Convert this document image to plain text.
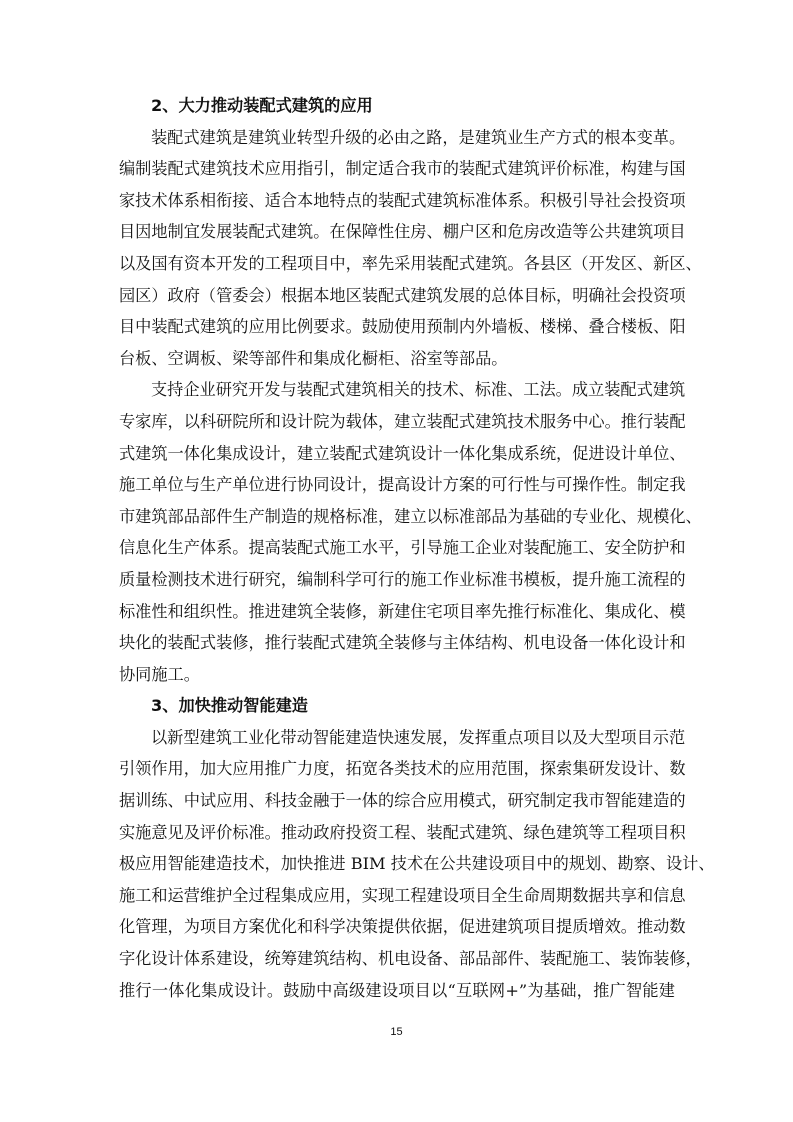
2、大力推动装配式建筑的应用
装配式建筑是建筑业转型升级的必由之路，是建筑业生产方式的根本变革。
编制装配式建筑技术应用指引，制定适合我市的装配式建筑评价标准，构建与国
家技术体系相衔接、适合本地特点的装配式建筑标准体系。积极引导社会投资项
目因地制宜发展装配式建筑。在保障性住房、棚户区和危房改造等公共建筑项目
以及国有资本开发的工程项目中，率先采用装配式建筑。各县区（开发区、新区、
园区）政府（管委会）根据本地区装配式建筑发展的总体目标，明确社会投资项
目中装配式建筑的应用比例要求。鼓励使用预制内外墙板、楼梯、叠合楼板、阳
台板、空调板、梁等部件和集成化橱柜、浴室等部品。
支持企业研究开发与装配式建筑相关的技术、标准、工法。成立装配式建筑
专家库，以科研院所和设计院为载体，建立装配式建筑技术服务中心。推行装配
式建筑一体化集成设计，建立装配式建筑设计一体化集成系统，促进设计单位、
施工单位与生产单位进行协同设计，提高设计方案的可行性与可操作性。制定我
市建筑部品部件生产制造的规格标准，建立以标准部品为基础的专业化、规模化、
信息化生产体系。提高装配式施工水平，引导施工企业对装配施工、安全防护和
质量检测技术进行研究，编制科学可行的施工作业标准书模板，提升施工流程的
标准性和组织性。推进建筑全装修，新建住宅项目率先推行标准化、集成化、模
块化的装配式装修，推行装配式建筑全装修与主体结构、机电设备一体化设计和
协同施工。
3、加快推动智能建造
以新型建筑工业化带动智能建造快速发展，发挥重点项目以及大型项目示范
引领作用，加大应用推广力度，拓宽各类技术的应用范围，探索集研发设计、数
据训练、中试应用、科技金融于一体的综合应用模式，研究制定我市智能建造的
实施意见及评价标准。推动政府投资工程、装配式建筑、绿色建筑等工程项目积
极应用智能建造技术，加快推进 BIM 技术在公共建设项目中的规划、勘察、设计、
施工和运营维护全过程集成应用，实现工程建设项目全生命周期数据共享和信息
化管理，为项目方案优化和科学决策提供依据，促进建筑项目提质增效。推动数
字化设计体系建设，统筹建筑结构、机电设备、部品部件、装配施工、装饰装修，
推行一体化集成设计。鼓励中高级建设项目以“互联网+”为基础，推广智能建
15
